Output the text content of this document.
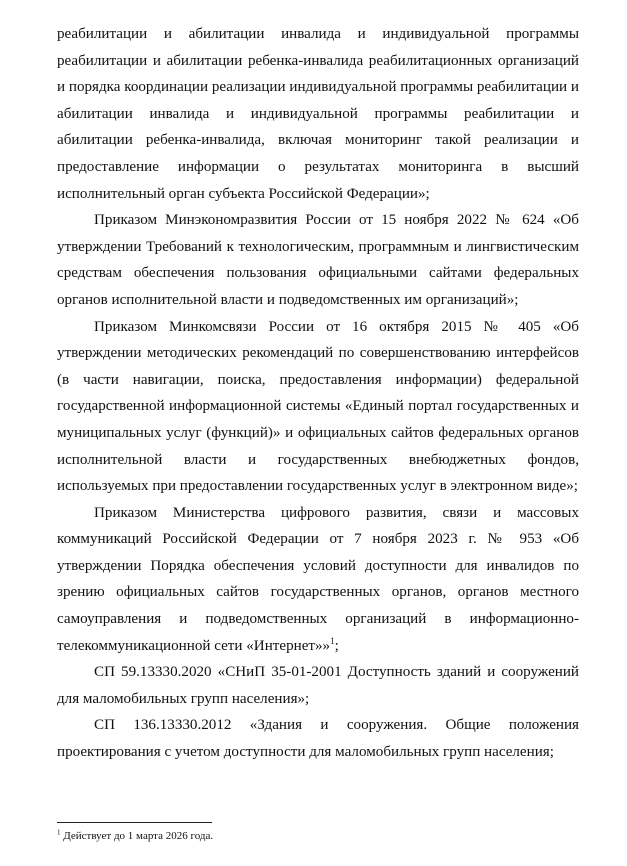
реабилитации и абилитации инвалида и индивидуальной программы реабилитации и абилитации ребенка-инвалида реабилитационных организаций и порядка координации реализации индивидуальной программы реабилитации и абилитации инвалида и индивидуальной программы реабилитации и абилитации ребенка-инвалида, включая мониторинг такой реализации и предоставление информации о результатах мониторинга в высший исполнительный орган субъекта Российской Федерации»;

Приказом Минэкономразвития России от 15 ноября 2022 № 624 «Об утверждении Требований к технологическим, программным и лингвистическим средствам обеспечения пользования официальными сайтами федеральных органов исполнительной власти и подведомственных им организаций»;

Приказом Минкомсвязи России от 16 октября 2015 № 405 «Об утверждении методических рекомендаций по совершенствованию интерфейсов (в части навигации, поиска, предоставления информации) федеральной государственной информационной системы «Единый портал государственных и муниципальных услуг (функций)» и официальных сайтов федеральных органов исполнительной власти и государственных внебюджетных фондов, используемых при предоставлении государственных услуг в электронном виде»;

Приказом Министерства цифрового развития, связи и массовых коммуникаций Российской Федерации от 7 ноября 2023 г. № 953 «Об утверждении Порядка обеспечения условий доступности для инвалидов по зрению официальных сайтов государственных органов, органов местного самоуправления и подведомственных организаций в информационно-телекоммуникационной сети «Интернет»»$^1$;

СП 59.13330.2020 «СНиП 35-01-2001 Доступность зданий и сооружений для маломобильных групп населения»;

СП 136.13330.2012 «Здания и сооружения. Общие положения проектирования с учетом доступности для маломобильных групп населения;

$^1$ Действует до 1 марта 2026 года.
